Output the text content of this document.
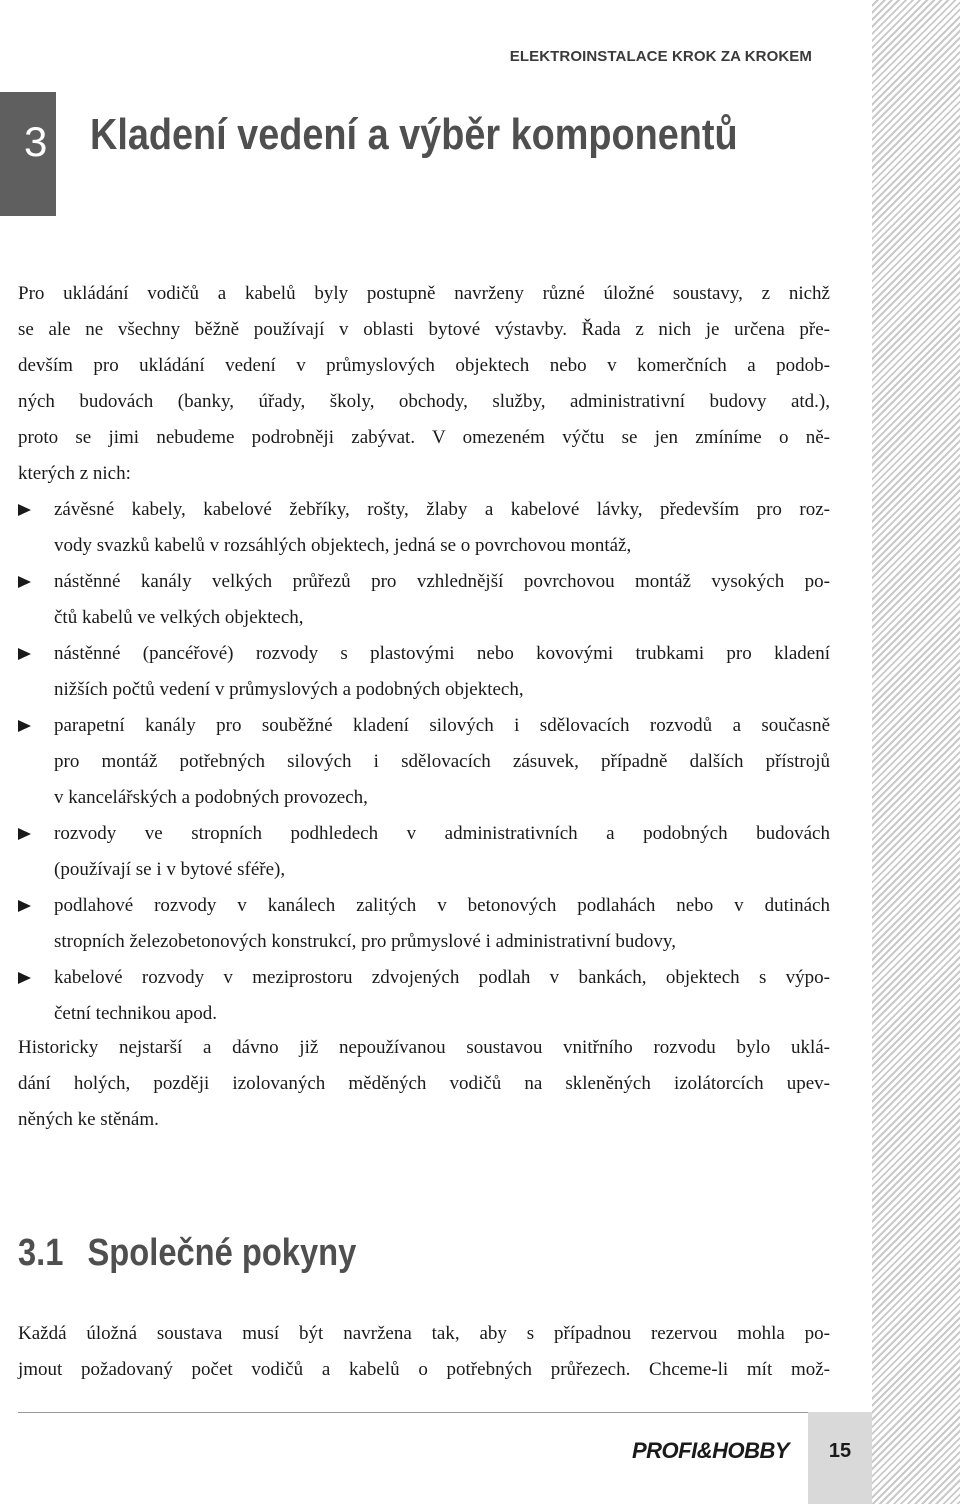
ELEKTROINSTALACE KROK ZA KROKEM
3 Kladení vedení a výběr komponentů
Pro ukládání vodičů a kabelů byly postupně navrženy různé úložné soustavy, z nichž
se ale ne všechny běžně používají v oblasti bytové výstavby. Řada z nich je určena pře-
devším pro ukládání vedení v průmyslových objektech nebo v komerčních a podob-
ných budovách (banky, úřady, školy, obchody, služby, administrativní budovy atd.),
proto se jimi nebudeme podrobněji zabývat. V omezeném výčtu se jen zmíníme o ně-
kterých z nich:
závěsné kabely, kabelové žebříky, rošty, žlaby a kabelové lávky, především pro roz-
vody svazků kabelů v rozsáhlých objektech, jedná se o povrchovou montáž,
nástěnné kanály velkých průřezů pro vzhlednější povrchovou montáž vysokých po-
čtů kabelů ve velkých objektech,
nástěnné (pancéřové) rozvody s plastovými nebo kovovými trubkami pro kladení
nižších počtů vedení v průmyslových a podobných objektech,
parapetní kanály pro souběžné kladení silových i sdělovacích rozvodů a současně
pro montáž potřebných silových i sdělovacích zásuvek, případně dalších přístrojů
v kancelářských a podobných provozech,
rozvody ve stropních podhledech v administrativních a podobných budovách
(používají se i v bytové sféře),
podlahové rozvody v kanálech zalitých v betonových podlahách nebo v dutinách
stropních železobetonových konstrukcí, pro průmyslové i administrativní budovy,
kabelové rozvody v meziprostoru zdvojených podlah v bankách, objektech s výpo-
četní technikou apod.
Historicky nejstarší a dávno již nepoužívanou soustavou vnitřního rozvodu bylo uklá-
dání holých, později izolovaných měděných vodičů na skleněných izolátorcích upev-
něných ke stěnám.
3.1 Společné pokyny
Každá úložná soustava musí být navržena tak, aby s případnou rezervou mohla po-
jmout požadovaný počet vodičů a kabelů o potřebných průřezech. Chceme-li mít mož-
PROFI&HOBBY	15
